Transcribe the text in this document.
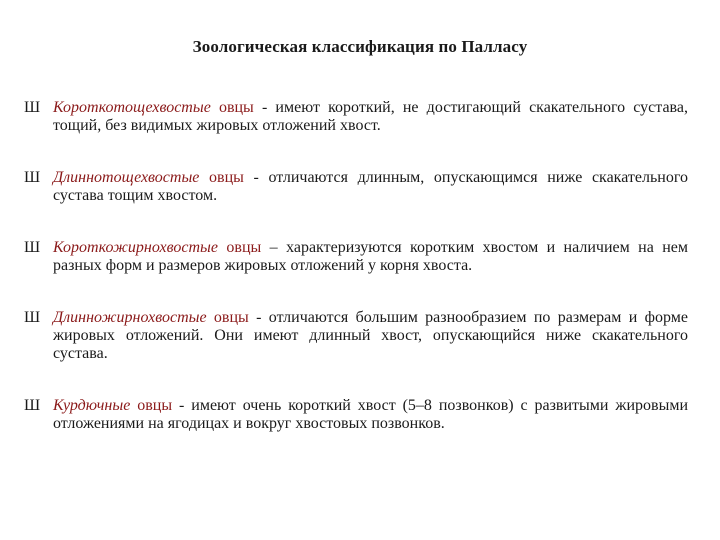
Зоологическая классификация по Палласу
Ш Короткотощехвостые овцы - имеют короткий, не достигающий скакательного сустава, тощий, без видимых жировых отложений хвост.
Ш Длиннотощехвостые овцы - отличаются длинным, опускающимся ниже скакательного сустава тощим хвостом.
Ш Короткожирнохвостые овцы – характеризуются коротким хвостом и наличием на нем разных форм и размеров жировых отложений у корня хвоста.
Ш Длинножирнохвостые овцы - отличаются большим разнообразием по размерам и форме жировых отложений. Они имеют длинный хвост, опускающийся ниже скакательного сустава.
Ш Курдючные овцы - имеют очень короткий хвост (5–8 позвонков) с развитыми жировыми отложениями на ягодицах и вокруг хвостовых позвонков.
